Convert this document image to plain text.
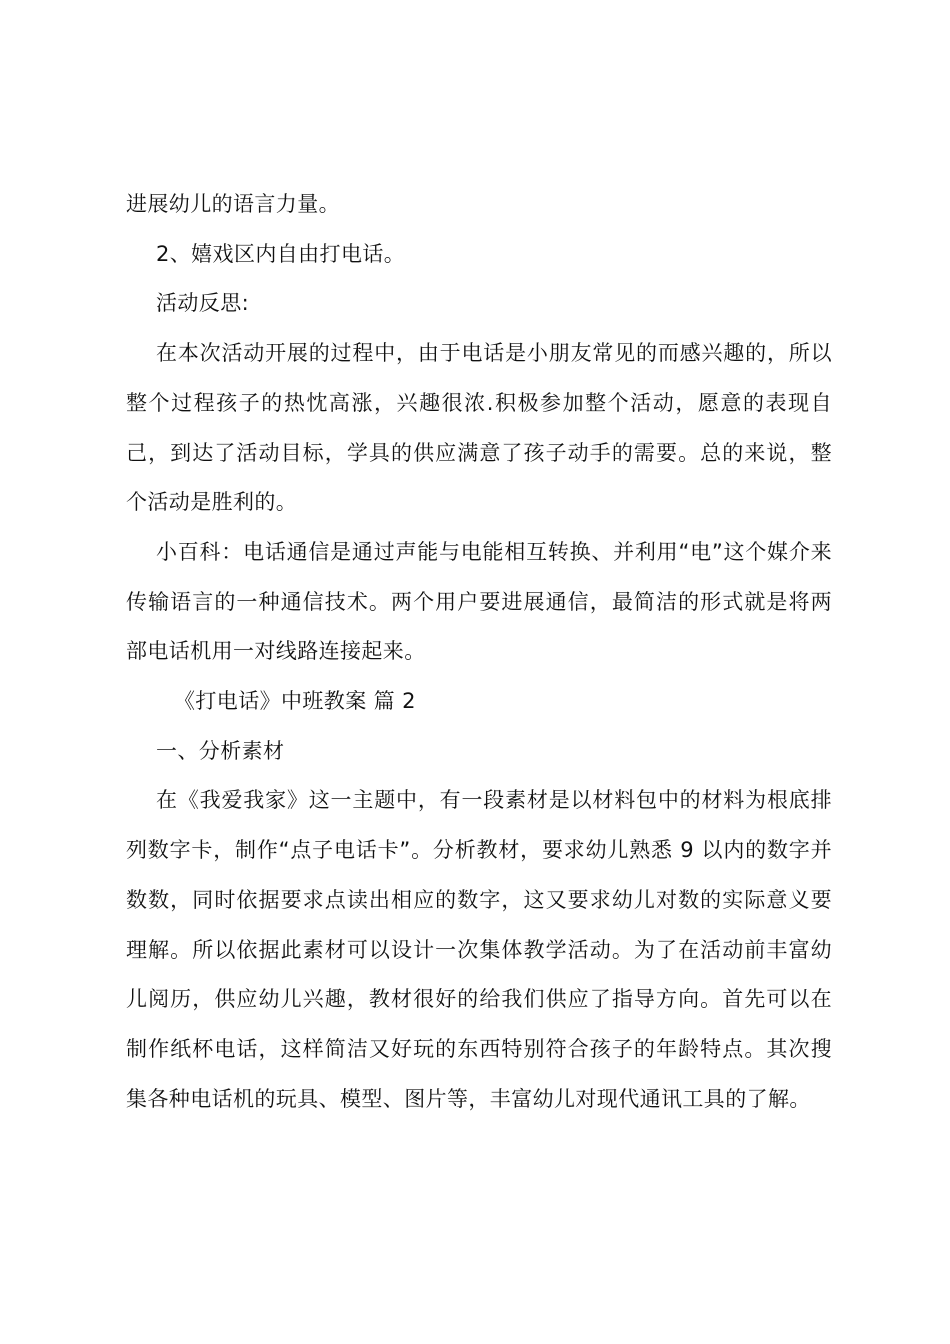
进展幼儿的语言力量。

2、嬉戏区内自由打电话。

活动反思:

在本次活动开展的过程中，由于电话是小朋友常见的而感兴趣的，所以整个过程孩子的热忱高涨，兴趣很浓.积极参加整个活动，愿意的表现自己，到达了活动目标，学具的供应满意了孩子动手的需要。总的来说，整个活动是胜利的。

小百科：电话通信是通过声能与电能相互转换、并利用“电”这个媒介来传输语言的一种通信技术。两个用户要进展通信，最简洁的形式就是将两部电话机用一对线路连接起来。

《打电话》中班教案 篇 2

一、分析素材

在《我爱我家》这一主题中，有一段素材是以材料包中的材料为根底排列数字卡，制作“点子电话卡”。分析教材，要求幼儿熟悉 9 以内的数字并数数，同时依据要求点读出相应的数字，这又要求幼儿对数的实际意义要理解。所以依据此素材可以设计一次集体教学活动。为了在活动前丰富幼儿阅历，供应幼儿兴趣，教材很好的给我们供应了指导方向。首先可以在制作纸杯电话，这样简洁又好玩的东西特别符合孩子的年龄特点。其次搜集各种电话机的玩具、模型、图片等，丰富幼儿对现代通讯工具的了解。
